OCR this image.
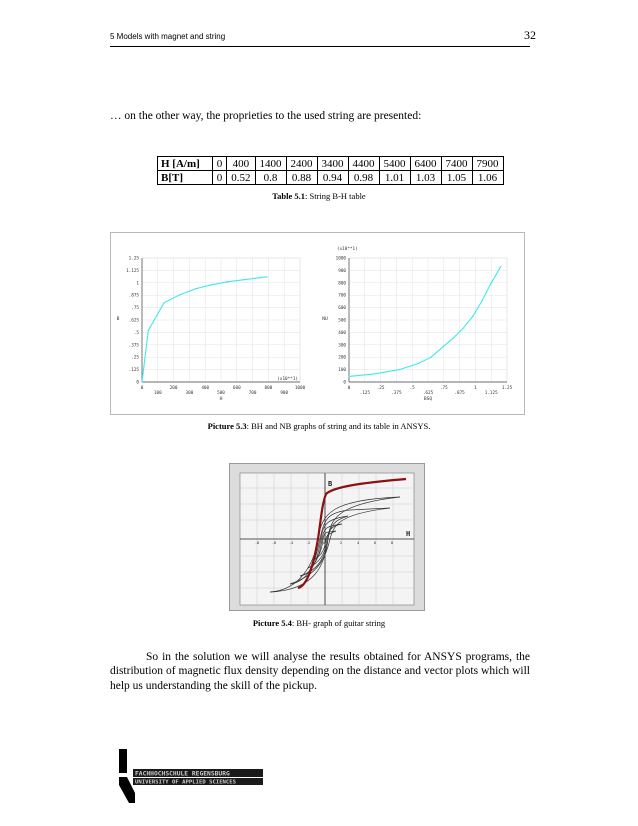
5 Models with magnet and string	32
… on the other way, the proprieties to the used string are presented:
H [A/m]	0	400	1400	2400	3400	4400	5400	6400	7400	7900
B[T]	0	0.52	0.8	0.88	0.94	0.98	1.01	1.03	1.05	1.06
Table 5.1: String B-H table
0
.125
.25
.375
.5
.625
.75
.875
1
1.125
1.25
0	200	400	600	800	1000
100	300	500	700	900
H
B
0
100
200
300
400
500
600
700
800
900
1000
0	.25	.5	.75	1	1.25
.125	.375	.625	.875	1.125
BSQ
NU
(x10**1)
(x10**1)
Picture 5.3: BH and NB graphs of string and its table in ANSYS.
-8	-6	-4	-2	0	2	4	6	8
B
H
Picture 5.4: BH- graph of guitar string
So in the solution we will analyse the results obtained for ANSYS programs, the distribution of magnetic flux density depending on the distance and vector plots which will help us understanding the skill of the pickup.
FACHHOCHSCHULE REGENSBURG
UNIVERSITY OF APPLIED SCIENCES
